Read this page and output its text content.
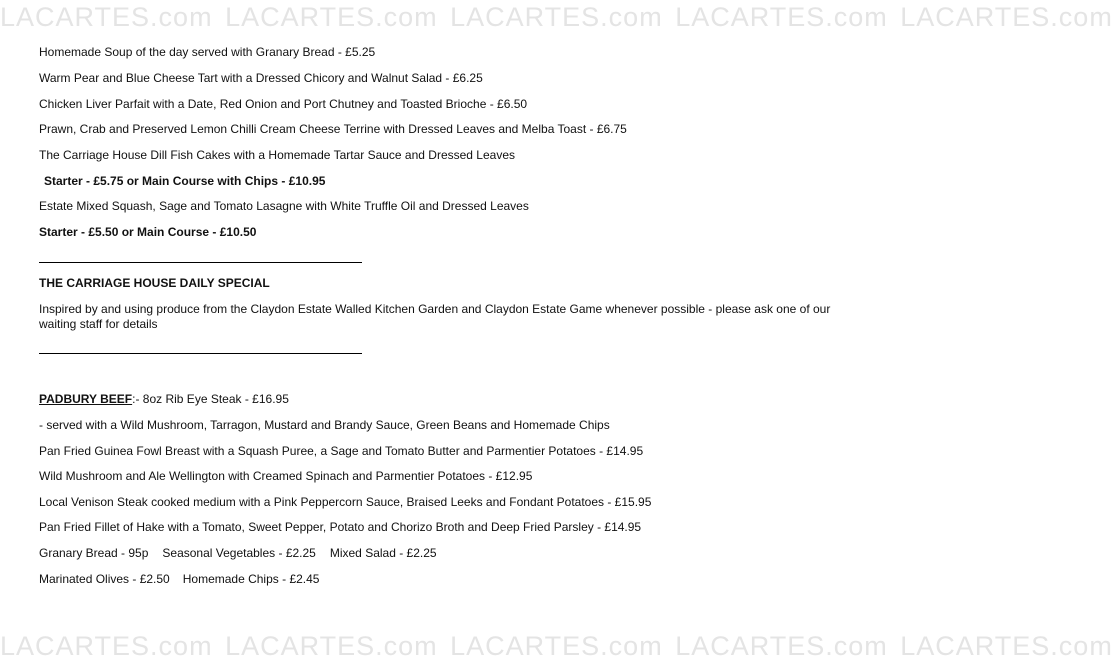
LACARTES.com LACARTES.com LACARTES.com LACARTES.com LACARTES.com
LACARTES.com LACARTES.com LACARTES.com LACARTES.com LACARTES.com
Homemade Soup of the day served with Granary Bread - £5.25
Warm Pear and Blue Cheese Tart with a Dressed Chicory and Walnut Salad - £6.25
Chicken Liver Parfait with a Date, Red Onion and Port Chutney and Toasted Brioche - £6.50
Prawn, Crab and Preserved Lemon Chilli Cream Cheese Terrine with Dressed Leaves and Melba Toast - £6.75
The Carriage House Dill Fish Cakes with a Homemade Tartar Sauce and Dressed Leaves
Starter - £5.75 or Main Course with Chips - £10.95
Estate Mixed Squash, Sage and Tomato Lasagne with White Truffle Oil and Dressed Leaves
Starter - £5.50 or Main Course - £10.50
THE CARRIAGE HOUSE DAILY SPECIAL
Inspired by and using produce from the Claydon Estate Walled Kitchen Garden and Claydon Estate Game whenever possible - please ask one of our waiting staff for details
PADBURY BEEF:- 8oz Rib Eye Steak - £16.95
- served with a Wild Mushroom, Tarragon, Mustard and Brandy Sauce, Green Beans and Homemade Chips
Pan Fried Guinea Fowl Breast with a Squash Puree, a Sage and Tomato Butter and Parmentier Potatoes - £14.95
Wild Mushroom and Ale Wellington with Creamed Spinach and Parmentier Potatoes - £12.95
Local Venison Steak cooked medium with a Pink Peppercorn Sauce, Braised Leeks and Fondant Potatoes - £15.95
Pan Fried Fillet of Hake with a Tomato, Sweet Pepper, Potato and Chorizo Broth and Deep Fried Parsley - £14.95
Granary Bread - 95p Seasonal Vegetables - £2.25 Mixed Salad - £2.25
Marinated Olives - £2.50 Homemade Chips - £2.45
